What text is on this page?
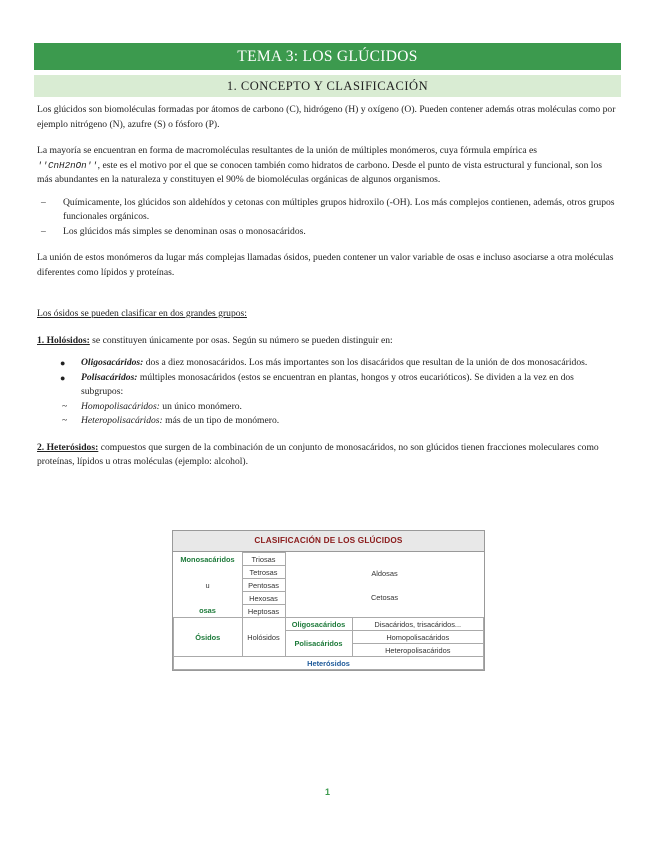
TEMA 3: LOS GLÚCIDOS
1. CONCEPTO Y CLASIFICACIÓN

Los glúcidos son biomoléculas formadas por átomos de carbono (C), hidrógeno (H) y oxígeno (O). Pueden contener además otras moléculas como por ejemplo nitrógeno (N), azufre (S) o fósforo (P).

La mayoría se encuentran en forma de macromoléculas resultantes de la unión de múltiples monómeros, cuya fórmula empírica es
''CnH2nOn'', este es el motivo por el que se conocen también como hidratos de carbono. Desde el punto de vista estructural y funcional, son los más abundantes en la naturaleza y constituyen el 90% de biomoléculas orgánicas de algunos organismos.

– Químicamente, los glúcidos son aldehídos y cetonas con múltiples grupos hidroxilo (-OH). Los más complejos contienen, además, otros grupos funcionales orgánicos.
– Los glúcidos más simples se denominan osas o monosacáridos.

La unión de estos monómeros da lugar más complejas llamadas ósidos, pueden contener un valor variable de osas e incluso asociarse a otra moléculas diferentes como lípidos y proteínas.

Los ósidos se pueden clasificar en dos grandes grupos:

1. Holósidos: se constituyen únicamente por osas. Según su número se pueden distinguir en:

● Oligosacáridos: dos a diez monosacáridos. Los más importantes son los disacáridos que resultan de la unión de dos monosacáridos.
● Polisacáridos: múltiples monosacáridos (estos se encuentran en plantas, hongos y otros eucarióticos). Se dividen a la vez en dos subgrupos:
~ Homopolisacáridos: un único monómero.
~ Heteropolisacáridos: más de un tipo de monómero.

2. Heterósidos: compuestos que surgen de la combinación de un conjunto de monosacáridos, no son glúcidos tienen fracciones moleculares como proteínas, lípidos u otras moléculas (ejemplo: alcohol).

CLASIFICACIÓN DE LOS GLÚCIDOS
Monosacáridos	Triosas	Aldosas	
	Tetrosas		
u	Pentosas		
	Hexosas	Cetosas	
osas	Heptosas		
Ósidos	Holósidos	Oligosacáridos	Disacáridos, trisacáridos...
		Polisacáridos	Homopolisacáridos
			Heteropolisacáridos
Heterósidos			
1
